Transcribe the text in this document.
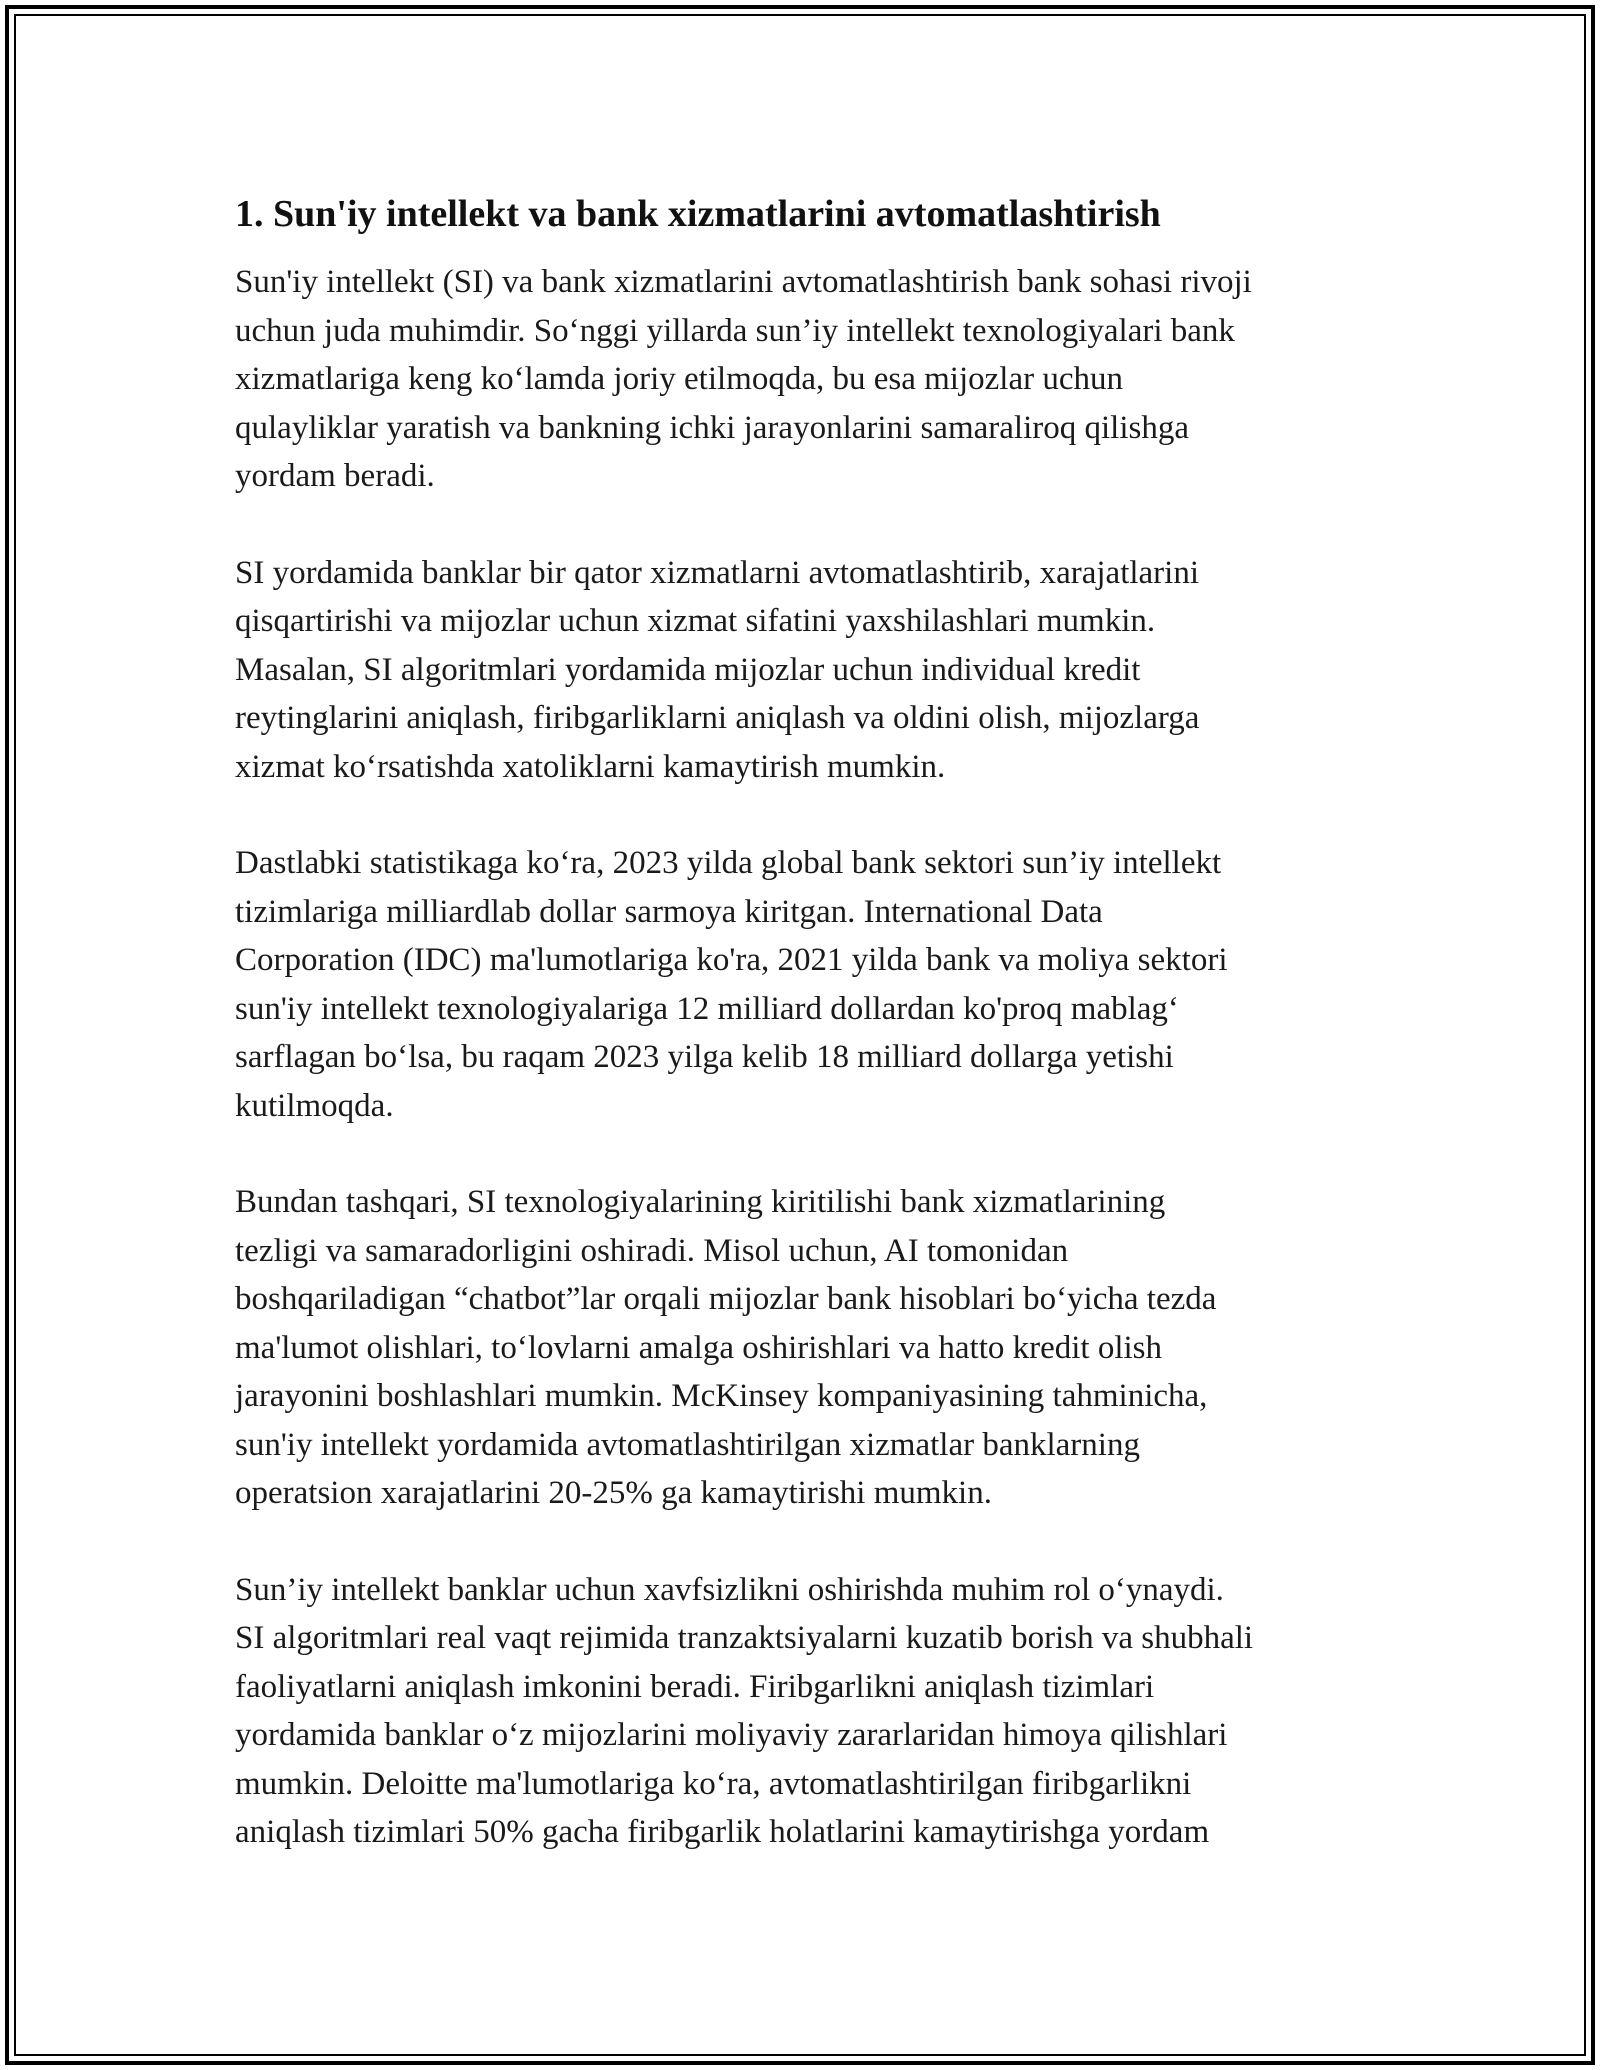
1. Sun'iy intellekt va bank xizmatlarini avtomatlashtirish

Sun'iy intellekt (SI) va bank xizmatlarini avtomatlashtirish bank sohasi rivoji
uchun juda muhimdir. So‘nggi yillarda sun’iy intellekt texnologiyalari bank
xizmatlariga keng ko‘lamda joriy etilmoqda, bu esa mijozlar uchun
qulayliklar yaratish va bankning ichki jarayonlarini samaraliroq qilishga
yordam beradi.

SI yordamida banklar bir qator xizmatlarni avtomatlashtirib, xarajatlarini
qisqartirishi va mijozlar uchun xizmat sifatini yaxshilashlari mumkin.
Masalan, SI algoritmlari yordamida mijozlar uchun individual kredit
reytinglarini aniqlash, firibgarliklarni aniqlash va oldini olish, mijozlarga
xizmat ko‘rsatishda xatoliklarni kamaytirish mumkin.

Dastlabki statistikaga ko‘ra, 2023 yilda global bank sektori sun’iy intellekt
tizimlariga milliardlab dollar sarmoya kiritgan. International Data
Corporation (IDC) ma'lumotlariga ko'ra, 2021 yilda bank va moliya sektori
sun'iy intellekt texnologiyalariga 12 milliard dollardan ko'proq mablag‘
sarflagan bo‘lsa, bu raqam 2023 yilga kelib 18 milliard dollarga yetishi
kutilmoqda.

Bundan tashqari, SI texnologiyalarining kiritilishi bank xizmatlarining
tezligi va samaradorligini oshiradi. Misol uchun, AI tomonidan
boshqariladigan “chatbot”lar orqali mijozlar bank hisoblari bo‘yicha tezda
ma'lumot olishlari, to‘lovlarni amalga oshirishlari va hatto kredit olish
jarayonini boshlashlari mumkin. McKinsey kompaniyasining tahminicha,
sun'iy intellekt yordamida avtomatlashtirilgan xizmatlar banklarning
operatsion xarajatlarini 20-25% ga kamaytirishi mumkin.

Sun’iy intellekt banklar uchun xavfsizlikni oshirishda muhim rol o‘ynaydi.
SI algoritmlari real vaqt rejimida tranzaktsiyalarni kuzatib borish va shubhali
faoliyatlarni aniqlash imkonini beradi. Firibgarlikni aniqlash tizimlari
yordamida banklar o‘z mijozlarini moliyaviy zararlaridan himoya qilishlari
mumkin. Deloitte ma'lumotlariga ko‘ra, avtomatlashtirilgan firibgarlikni
aniqlash tizimlari 50% gacha firibgarlik holatlarini kamaytirishga yordam
